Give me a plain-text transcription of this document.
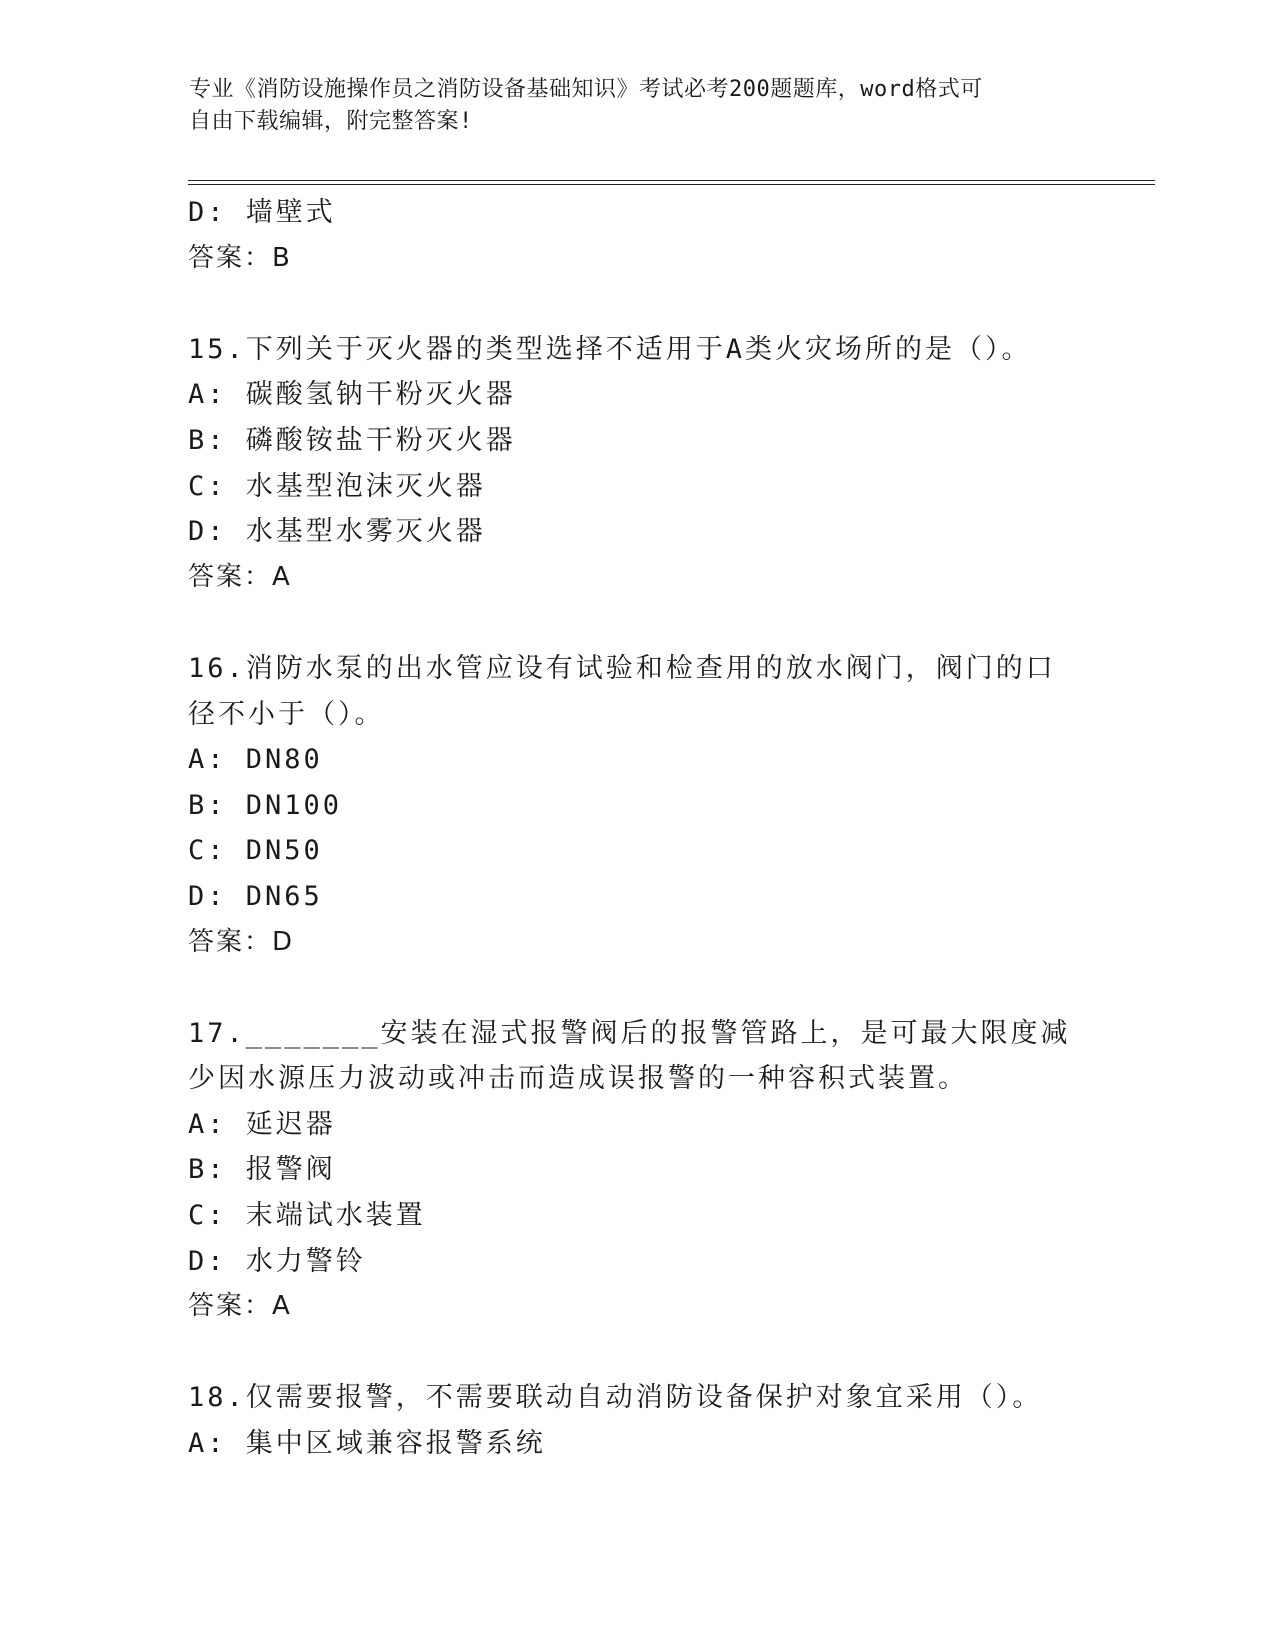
专业《消防设施操作员之消防设备基础知识》考试必考200题题库，word格式可
自由下载编辑，附完整答案!
D: 墙壁式
答案：B
15.下列关于灭火器的类型选择不适用于A类火灾场所的是（）。
A: 碳酸氢钠干粉灭火器
B: 磷酸铵盐干粉灭火器
C: 水基型泡沫灭火器
D: 水基型水雾灭火器
答案：A
16.消防水泵的出水管应设有试验和检查用的放水阀门，阀门的口径不小于（）。
A: DN80
B: DN100
C: DN50
D: DN65
答案：D
17._______安装在湿式报警阀后的报警管路上，是可最大限度减少因水源压力波动或冲击而造成误报警的一种容积式装置。
A: 延迟器
B: 报警阀
C: 末端试水装置
D: 水力警铃
答案：A
18.仅需要报警，不需要联动自动消防设备保护对象宜采用（）。
A: 集中区域兼容报警系统
